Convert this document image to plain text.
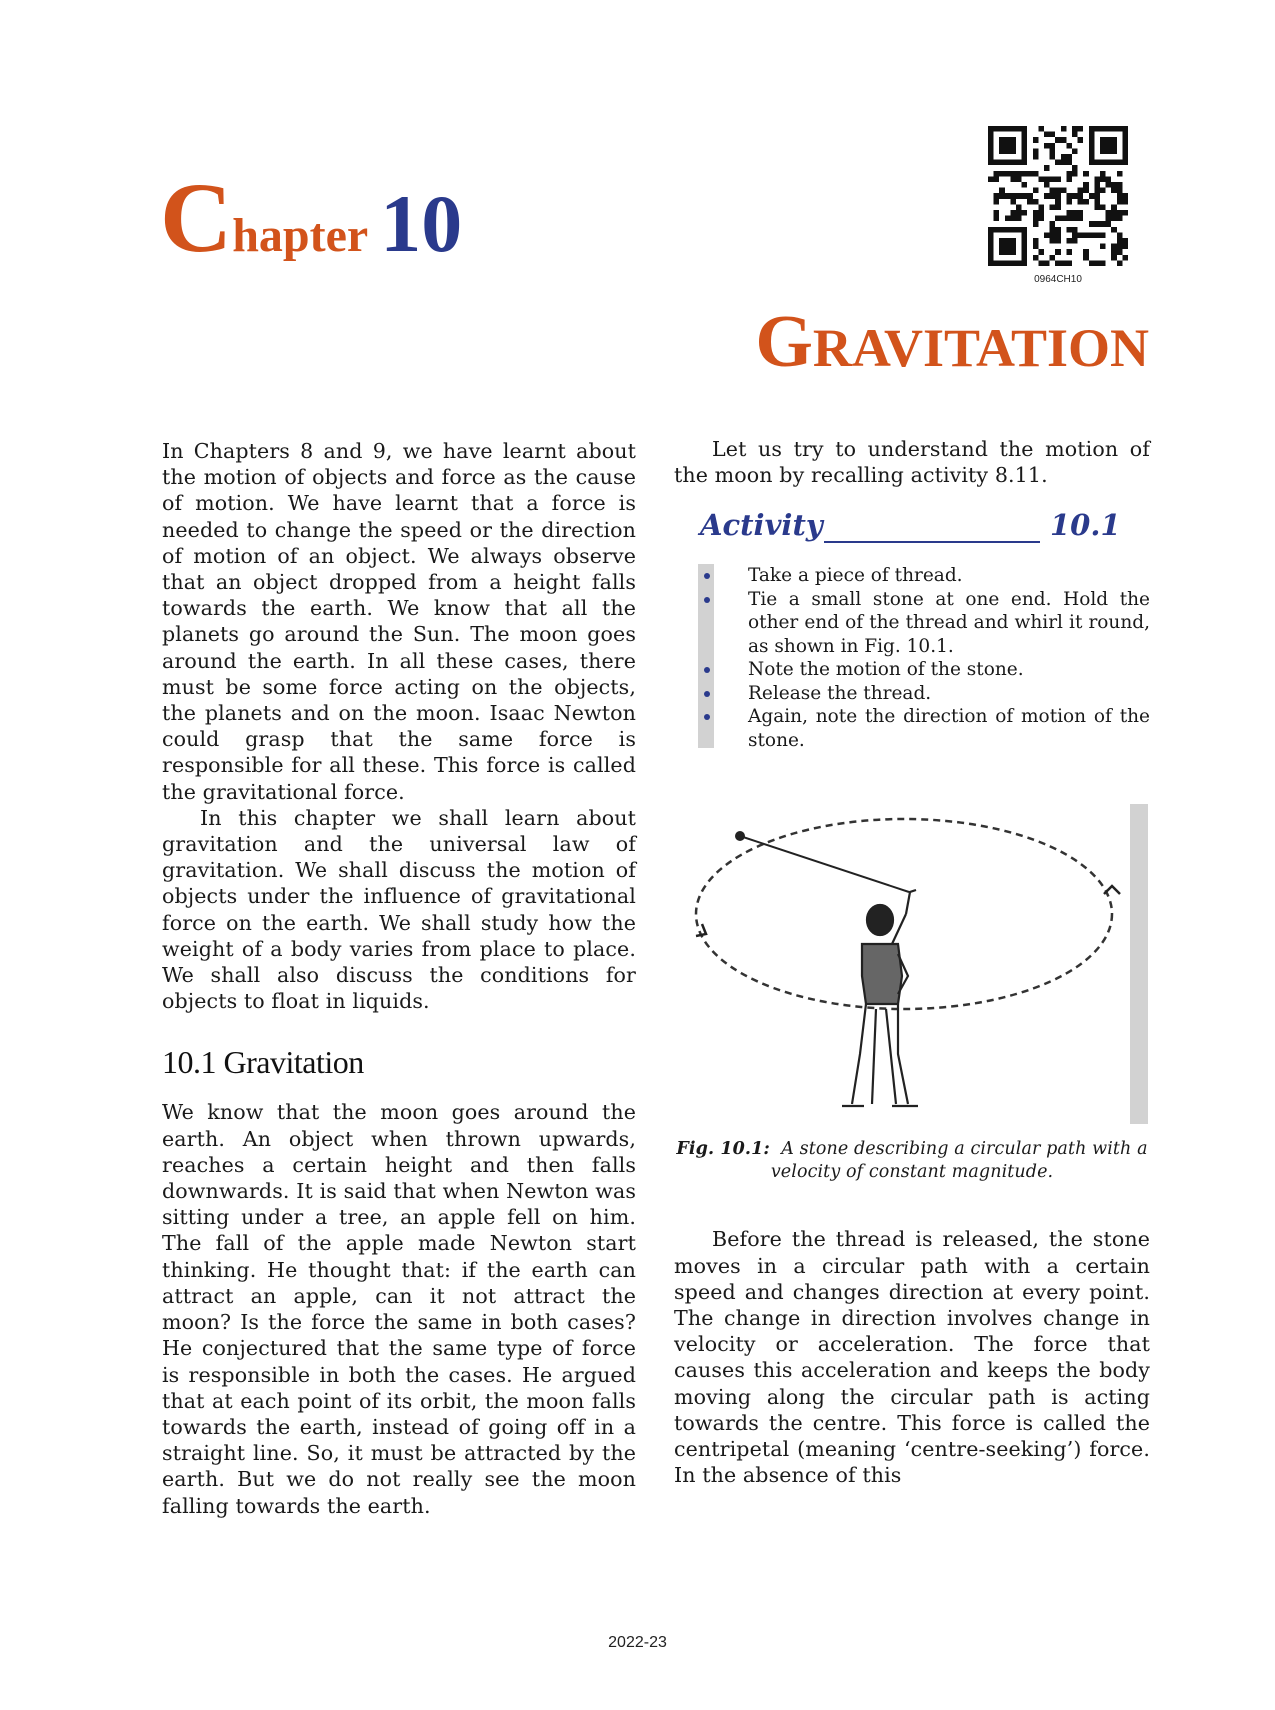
Chapter 10
0964CH10
GRAVITATION

In Chapters 8 and 9, we have learnt about the motion of objects and force as the cause of motion. We have learnt that a force is needed to change the speed or the direction of motion of an object. We always observe that an object dropped from a height falls towards the earth. We know that all the planets go around the Sun. The moon goes around the earth. In all these cases, there must be some force acting on the objects, the planets and on the moon. Isaac Newton could grasp that the same force is responsible for all these. This force is called the gravitational force.

In this chapter we shall learn about gravitation and the universal law of gravitation. We shall discuss the motion of objects under the influence of gravitational force on the earth. We shall study how the weight of a body varies from place to place. We shall also discuss the conditions for objects to float in liquids.

10.1 Gravitation

We know that the moon goes around the earth. An object when thrown upwards, reaches a certain height and then falls downwards. It is said that when Newton was sitting under a tree, an apple fell on him. The fall of the apple made Newton start thinking. He thought that: if the earth can attract an apple, can it not attract the moon? Is the force the same in both cases? He conjectured that the same type of force is responsible in both the cases. He argued that at each point of its orbit, the moon falls towards the earth, instead of going off in a straight line. So, it must be attracted by the earth. But we do not really see the moon falling towards the earth.

Let us try to understand the motion of the moon by recalling activity 8.11.

Activity	10.1
Take a piece of thread.
Tie a small stone at one end. Hold the other end of the thread and whirl it round, as shown in Fig. 10.1.
Note the motion of the stone.
Release the thread.
Again, note the direction of motion of the stone.

Fig. 10.1: A stone describing a circular path with a velocity of constant magnitude.

Before the thread is released, the stone moves in a circular path with a certain speed and changes direction at every point. The change in direction involves change in velocity or acceleration. The force that causes this acceleration and keeps the body moving along the circular path is acting towards the centre. This force is called the centripetal (meaning ‘centre-seeking’) force. In the absence of this

2022-23
